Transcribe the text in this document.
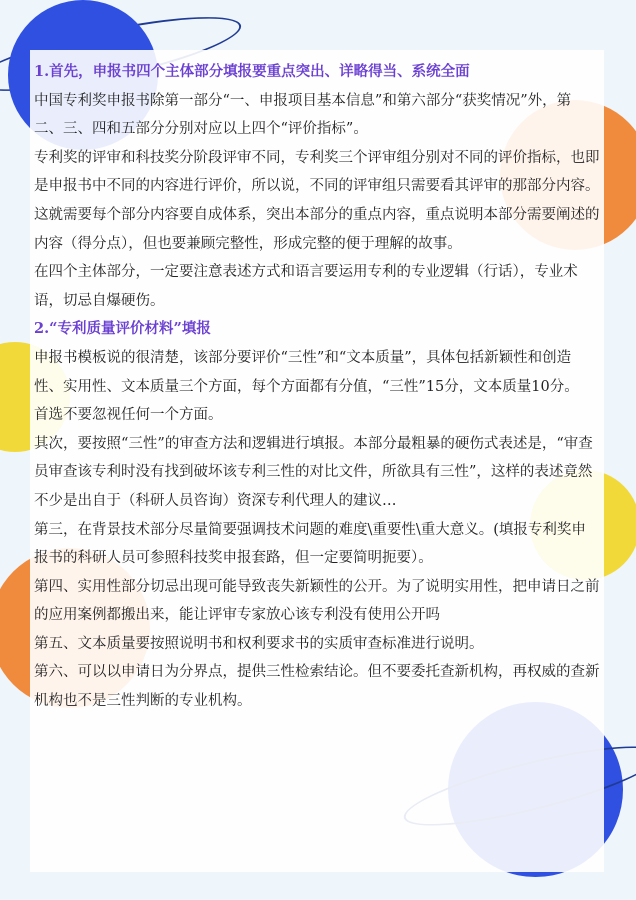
1.首先，申报书四个主体部分填报要重点突出、详略得当、系统全面

中国专利奖申报书除第一部分“一、申报项目基本信息”和第六部分“获奖情况”外，第二、三、四和五部分分别对应以上四个“评价指标”。

专利奖的评审和科技奖分阶段评审不同，专利奖三个评审组分别对不同的评价指标，也即是申报书中不同的内容进行评价，所以说，不同的评审组只需要看其评审的那部分内容。这就需要每个部分内容要自成体系，突出本部分的重点内容，重点说明本部分需要阐述的内容（得分点），但也要兼顾完整性，形成完整的便于理解的故事。

在四个主体部分，一定要注意表述方式和语言要运用专利的专业逻辑（行话），专业术语，切忌自爆硬伤。

2.“专利质量评价材料”填报

申报书模板说的很清楚，该部分要评价“三性”和“文本质量”，具体包括新颖性和创造性、实用性、文本质量三个方面，每个方面都有分值，“三性”15分，文本质量10分。

首选不要忽视任何一个方面。

其次，要按照“三性”的审查方法和逻辑进行填报。本部分最粗暴的硬伤式表述是，“审查员审查该专利时没有找到破坏该专利三性的对比文件，所欲具有三性”，这样的表述竟然不少是出自于（科研人员咨询）资深专利代理人的建议…

第三，在背景技术部分尽量简要强调技术问题的难度\重要性\重大意义。(填报专利奖申报书的科研人员可参照科技奖申报套路，但一定要简明扼要）。

第四、实用性部分切忌出现可能导致丧失新颖性的公开。为了说明实用性，把申请日之前的应用案例都搬出来，能让评审专家放心该专利没有使用公开吗

第五、文本质量要按照说明书和权利要求书的实质审查标准进行说明。

第六、可以以申请日为分界点，提供三性检索结论。但不要委托查新机构，再权威的查新机构也不是三性判断的专业机构。
